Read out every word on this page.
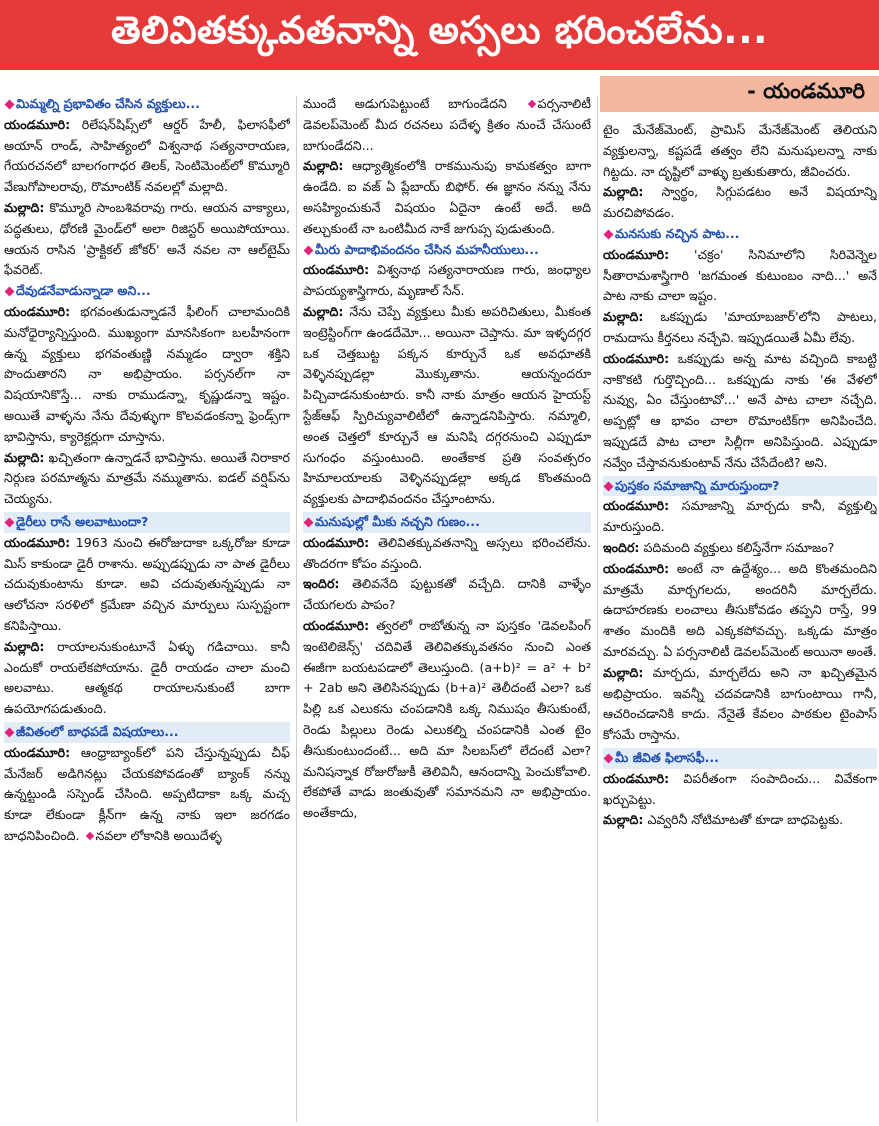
తెలివితక్కువతనాన్ని అస్సలు భరించలేను...
- యండమూరి
మిమ్మల్ని ప్రభావితం చేసిన వ్యక్తులు...
యండమూరి: రిలేషన్‌షిప్స్‌లో ఆర్డర్ హేలీ, ఫిలాసఫీలో అయాన్ రాండ్, సాహిత్యంలో విశ్వనాథ సత్యనారాయణ, గేయరచనలో బాలగంగాధర తిలక్, సెంటిమెంట్‌లో కొమ్మూరి వేణుగోపాలరావు, రొమాంటిక్ నవలల్లో మల్లాది.
మల్లాది: కొమ్మూరి సాంబశివరావు గారు. ఆయన వాక్యాలు, పద్ధతులు, ధోరణి మైండ్‌లో అలా రిజిస్టర్ అయిపోయాయి. ఆయన రాసిన 'ప్రాక్టికల్ జోకర్' అనే నవల నా ఆల్‌టైమ్ ఫేవరెట్.
దేవుడనేవాడున్నాడా అని...
యండమూరి: భగవంతుడున్నాడనే ఫీలింగ్ చాలామందికి మనోధైర్యాన్నిస్తుంది. ముఖ్యంగా మానసికంగా బలహీనంగా ఉన్న వ్యక్తులు భగవంతుణ్ణి నమ్మడం ద్వారా శక్తిని పొందుతారని నా అభిప్రాయం. పర్సనల్‌గా నా విషయానికొస్తే... నాకు రాముడన్నా, కృష్ణుడన్నా ఇష్టం. అయితే వాళ్ళను నేను దేవుళ్ళుగా కొలవడంకన్నా ఫ్రెండ్స్‌గా భావిస్తాను, క్యారెక్టర్లుగా చూస్తాను.
మల్లాది: ఖచ్చితంగా ఉన్నాడనే భావిస్తాను. అయితే నిరాకార నిర్గుణ పరమాత్మను మాత్రమే నమ్ముతాను. ఐడల్ వర్షిప్‌ను చెయ్యను.
డైరీలు రాసే అలవాటుందా?
యండమూరి: 1963 నుంచి ఈరోజుదాకా ఒక్కరోజు కూడా మిస్ కాకుండా డైరీ రాశాను. అప్పుడప్పుడు నా పాత డైరీలు చదువుకుంటాను కూడా. అవి చదువుతున్నప్పుడు నా ఆలోచనా సరళిలో క్రమేణా వచ్చిన మార్పులు సుస్పష్టంగా కనిపిస్తాయి.
మల్లాది: రాయాలనుకుంటూనే ఏళ్ళు గడిచాయి. కానీ ఎందుకో రాయలేకపోయాను. డైరీ రాయడం చాలా మంచి అలవాటు. ఆత్మకథ రాయాలనుకుంటే బాగా ఉపయోగపడుతుంది.
జీవితంలో బాధపడే విషయాలు...
యండమూరి: ఆంధ్రాబ్యాంక్‌లో పని చేస్తున్నప్పుడు చీఫ్ మేనేజర్ అడిగినట్లు చేయకపోవడంతో బ్యాంక్ నన్ను ఉన్నట్టుండి సస్పెండ్ చేసింది. అప్పటిదాకా ఒక్క మచ్చ కూడా లేకుండా క్లీన్‌గా ఉన్న నాకు ఇలా జరగడం బాధనిపించింది. నవలా లోకానికి అయిదేళ్ళ
ముందే అడుగుపెట్టుంటే బాగుండేదని పర్సనాలిటీ డెవలప్‌మెంట్ మీద రచనలు పదేళ్ళ క్రితం నుంచే చేసుంటే బాగుండేదని...
మల్లాది: ఆధ్యాత్మికంలోకి రాకమునుపు కామకత్వం బాగా ఉండేది. ఐ వజ్ ఏ ప్లేబాయ్ బిఫోర్. ఈ జ్ఞానం నన్ను నేను అసహ్యించుకునే విషయం ఏదైనా ఉంటే అదే. అది తల్చుకుంటే నా ఒంటిమీద నాకే జుగుప్స పుడుతుంది.
మీరు పాదాభివందనం చేసిన మహనీయులు...
యండమూరి: విశ్వనాథ సత్యనారాయణ గారు, జంధ్యాల పాపయ్యశాస్త్రిగారు, మృణాల్ సేన్.
మల్లాది: నేను చెప్పే వ్యక్తులు మీకు అపరిచితులు, మీకంత ఇంట్రెస్టింగ్‌గా ఉండదేమో... అయినా చెప్తాను. మా ఇళ్ళదగ్గర ఒక చెత్తబుట్ట పక్కన కూర్చునే ఒక అవధూతకి వెళ్ళినప్పుడల్లా మొక్కుతాను. ఆయన్నందరూ పిచ్చివాడనుకుంటారు. కానీ నాకు మాత్రం ఆయన హైయస్ట్ స్టేజ్‌ఆఫ్ స్పిరిచ్యువాలిటీలో ఉన్నాడనిపిస్తారు. నమ్మాలి, అంత చెత్తలో కూర్చునే ఆ మనిషి దగ్గరనుంచి ఎప్పుడూ సుగంధం వస్తుంటుంది. అంతేకాక ప్రతి సంవత్సరం హిమాలయాలకు వెళ్ళినప్పుడల్లా అక్కడ కొంతమంది వ్యక్తులకు పాదాభివందనం చేస్తూంటాను.
మనుషుల్లో మీకు నచ్చని గుణం...
యండమూరి: తెలివితక్కువతనాన్ని అస్సలు భరించలేను. తొందరగా కోపం వస్తుంది.
ఇందిర: తెలివనేది పుట్టుకతో వచ్చేది. దానికి వాళ్ళేం చేయగలరు పాపం?
యండమూరి: త్వరలో రాబోతున్న నా పుస్తకం 'డెవలపింగ్ ఇంటెలిజెన్స్' చదివితే తెలివితక్కువతనం నుంచి ఎంత ఈజీగా బయటపడాలో తెలుస్తుంది. (a+b)² = a² + b² + 2ab అని తెలిసినప్పుడు (b+a)² తెలీదంటే ఎలా? ఒక పిల్లి ఒక ఎలుకను చంపడానికి ఒక్క నిముషం తీసుకుంటే, రెండు పిల్లులు రెండు ఎలుకల్ని చంపడానికి ఎంత టైం తీసుకుంటుందంటే... అది మా సిలబస్‌లో లేదంటే ఎలా? మనిషన్నాక రోజురోజుకీ తెలివినీ, ఆనందాన్ని పెంచుకోవాలి. లేకపోతే వాడు జంతువుతో సమానమని నా అభిప్రాయం. అంతేకాదు,
టైం మేనేజ్‌మెంట్, ప్రామిస్ మేనేజ్‌మెంట్ తెలియని వ్యక్తులన్నా, కష్టపడే తత్వం లేని మనుషులన్నా నాకు గిట్టదు. నా దృష్టిలో వాళ్ళు బ్రతుకుతారు, జీవించరు.
మల్లాది: స్వార్థం, సిగ్గుపడటం అనే విషయాన్ని మరచిపోవడం.
మనసుకు నచ్చిన పాట...
యండమూరి: 'చక్రం' సినిమాలోని సిరివెన్నెల సీతారామశాస్త్రిగారి 'జగమంత కుటుంబం నాది...' అనే పాట నాకు చాలా ఇష్టం.
మల్లాది: ఒకప్పుడు 'మాయాబజార్'లోని పాటలు, రామదాసు కీర్తనలు నచ్చేవి. ఇప్పుడయితే ఏమీ లేవు.
యండమూరి: ఒకప్పుడు అన్న మాట వచ్చింది కాబట్టి నాకొకటి గుర్తొచ్చింది... ఒకప్పుడు నాకు 'ఈ వేళలో నువ్వు, ఏం చేస్తుంటావో...' అనే పాట చాలా నచ్చేది. అప్పట్లో ఆ భావం చాలా రొమాంటిక్‌గా అనిపించేది. ఇప్పుడదే పాట చాలా సిల్లీగా అనిపిస్తుంది. ఎప్పుడూ నవ్వేం చేస్తావనుకుంటావ్ నేను చేసేదేంటి? అని.
పుస్తకం సమాజాన్ని మారుస్తుందా?
యండమూరి: సమాజాన్ని మార్చదు కానీ, వ్యక్తుల్ని మారుస్తుంది.
ఇందిర: పదిమంది వ్యక్తులు కలిస్తేనేగా సమాజం?
యండమూరి: అంటే నా ఉద్దేశ్యం... అది కొంతమందిని మాత్రమే మార్చగలదు, అందరినీ మార్చలేదు. ఉదాహరణకు లంచాలు తీసుకోవడం తప్పని రాస్తే, 99 శాతం మందికి అది ఎక్కకపోవచ్చు. ఒక్కడు మాత్రం మారవచ్చు. ఏ పర్సనాలిటీ డెవలప్‌మెంట్ అయినా అంతే.
మల్లాది: మార్చదు, మార్చలేదు అని నా ఖచ్చితమైన అభిప్రాయం. ఇవన్నీ చదవడానికి బాగుంటాయి గానీ, ఆచరించడానికి కాదు. నేనైతే కేవలం పాఠకుల టైంపాస్ కోసమే రాస్తాను.
మీ జీవిత ఫిలాసఫీ...
యండమూరి: విపరీతంగా సంపాదించు... వివేకంగా ఖర్చుపెట్టు.
మల్లాది: ఎవ్వరినీ నోటిమాటతో కూడా బాధపెట్టకు.
